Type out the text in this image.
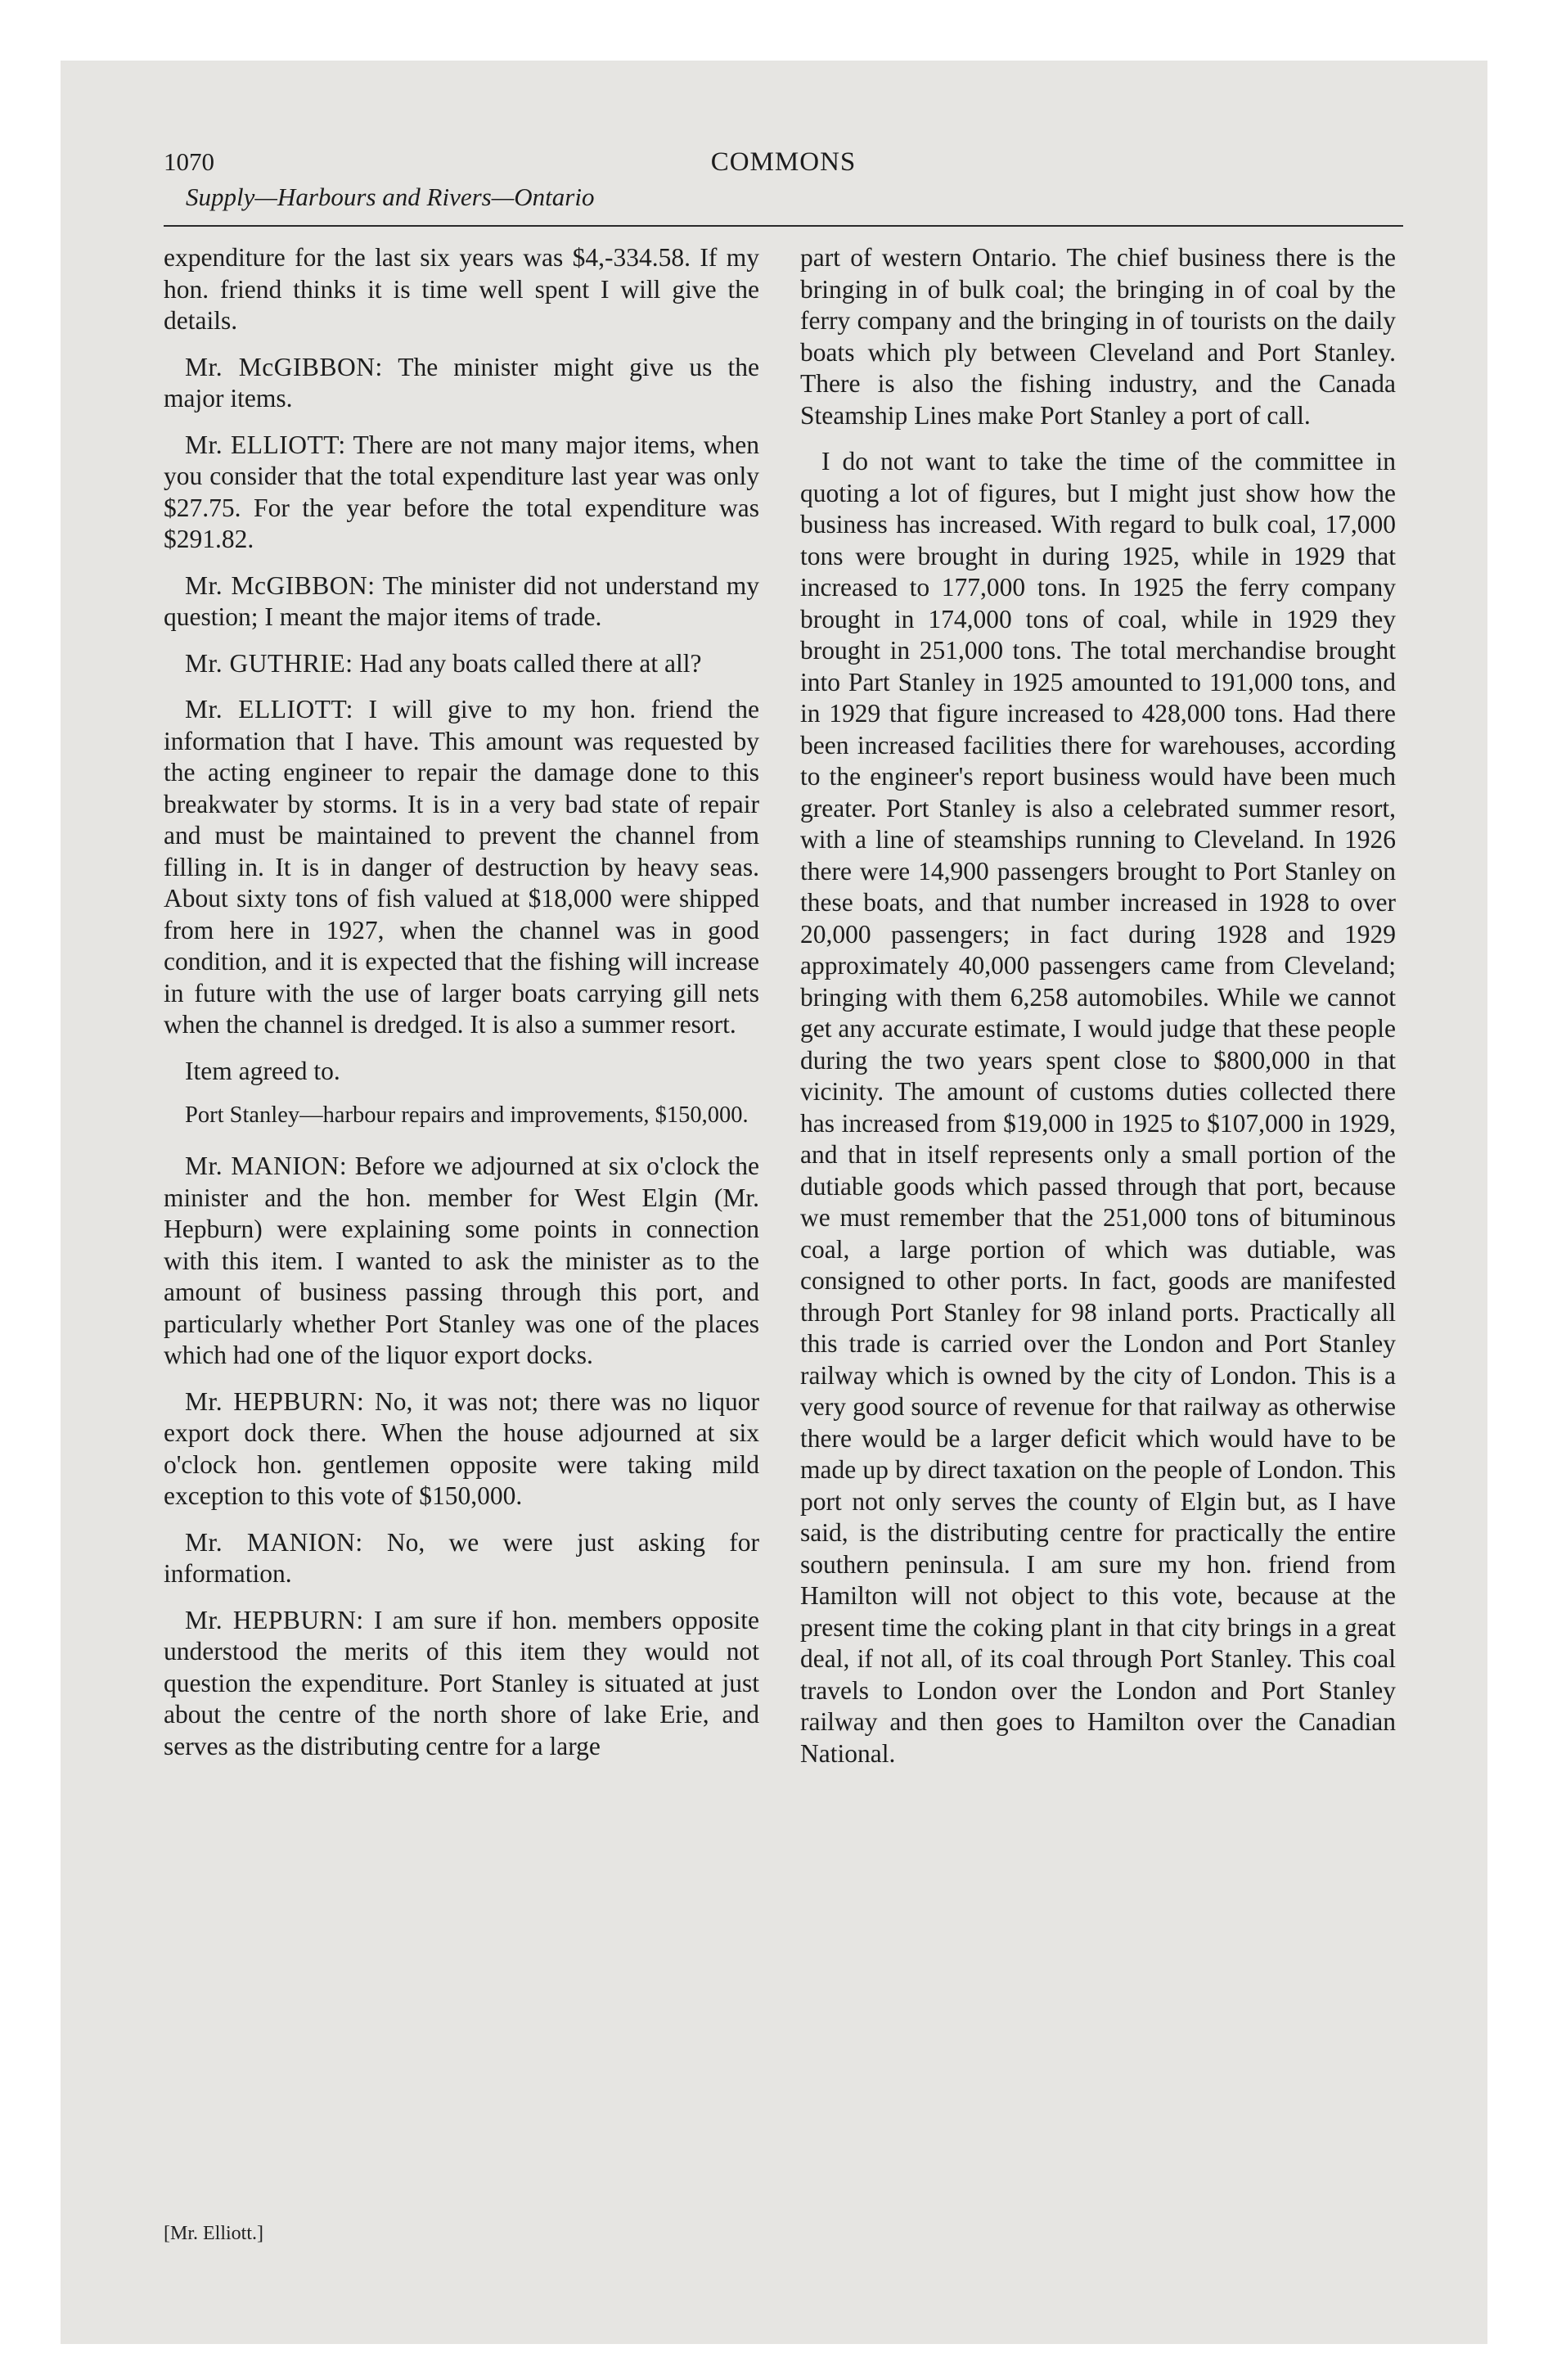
1070	COMMONS
Supply—Harbours and Rivers—Ontario

expenditure for the last six years was $4,-334.58. If my hon. friend thinks it is time well spent I will give the details.

Mr. McGIBBON: The minister might give us the major items.

Mr. ELLIOTT: There are not many major items, when you consider that the total expenditure last year was only $27.75. For the year before the total expenditure was $291.82.

Mr. McGIBBON: The minister did not understand my question; I meant the major items of trade.

Mr. GUTHRIE: Had any boats called there at all?

Mr. ELLIOTT: I will give to my hon. friend the information that I have. This amount was requested by the acting engineer to repair the damage done to this breakwater by storms. It is in a very bad state of repair and must be maintained to prevent the channel from filling in. It is in danger of destruction by heavy seas. About sixty tons of fish valued at $18,000 were shipped from here in 1927, when the channel was in good condition, and it is expected that the fishing will increase in future with the use of larger boats carrying gill nets when the channel is dredged. It is also a summer resort.

Item agreed to.

Port Stanley—harbour repairs and improvements, $150,000.

Mr. MANION: Before we adjourned at six o'clock the minister and the hon. member for West Elgin (Mr. Hepburn) were explaining some points in connection with this item. I wanted to ask the minister as to the amount of business passing through this port, and particularly whether Port Stanley was one of the places which had one of the liquor export docks.

Mr. HEPBURN: No, it was not; there was no liquor export dock there. When the house adjourned at six o'clock hon. gentlemen opposite were taking mild exception to this vote of $150,000.

Mr. MANION: No, we were just asking for information.

Mr. HEPBURN: I am sure if hon. members opposite understood the merits of this item they would not question the expenditure. Port Stanley is situated at just about the centre of the north shore of lake Erie, and serves as the distributing centre for a large

part of western Ontario. The chief business there is the bringing in of bulk coal; the bringing in of coal by the ferry company and the bringing in of tourists on the daily boats which ply between Cleveland and Port Stanley. There is also the fishing industry, and the Canada Steamship Lines make Port Stanley a port of call.

I do not want to take the time of the committee in quoting a lot of figures, but I might just show how the business has increased. With regard to bulk coal, 17,000 tons were brought in during 1925, while in 1929 that increased to 177,000 tons. In 1925 the ferry company brought in 174,000 tons of coal, while in 1929 they brought in 251,000 tons. The total merchandise brought into Part Stanley in 1925 amounted to 191,000 tons, and in 1929 that figure increased to 428,000 tons. Had there been increased facilities there for warehouses, according to the engineer's report business would have been much greater. Port Stanley is also a celebrated summer resort, with a line of steamships running to Cleveland. In 1926 there were 14,900 passengers brought to Port Stanley on these boats, and that number increased in 1928 to over 20,000 passengers; in fact during 1928 and 1929 approximately 40,000 passengers came from Cleveland; bringing with them 6,258 automobiles. While we cannot get any accurate estimate, I would judge that these people during the two years spent close to $800,000 in that vicinity. The amount of customs duties collected there has increased from $19,000 in 1925 to $107,000 in 1929, and that in itself represents only a small portion of the dutiable goods which passed through that port, because we must remember that the 251,000 tons of bituminous coal, a large portion of which was dutiable, was consigned to other ports. In fact, goods are manifested through Port Stanley for 98 inland ports. Practically all this trade is carried over the London and Port Stanley railway which is owned by the city of London. This is a very good source of revenue for that railway as otherwise there would be a larger deficit which would have to be made up by direct taxation on the people of London. This port not only serves the county of Elgin but, as I have said, is the distributing centre for practically the entire southern peninsula. I am sure my hon. friend from Hamilton will not object to this vote, because at the present time the coking plant in that city brings in a great deal, if not all, of its coal through Port Stanley. This coal travels to London over the London and Port Stanley railway and then goes to Hamilton over the Canadian National.

[Mr. Elliott.]
